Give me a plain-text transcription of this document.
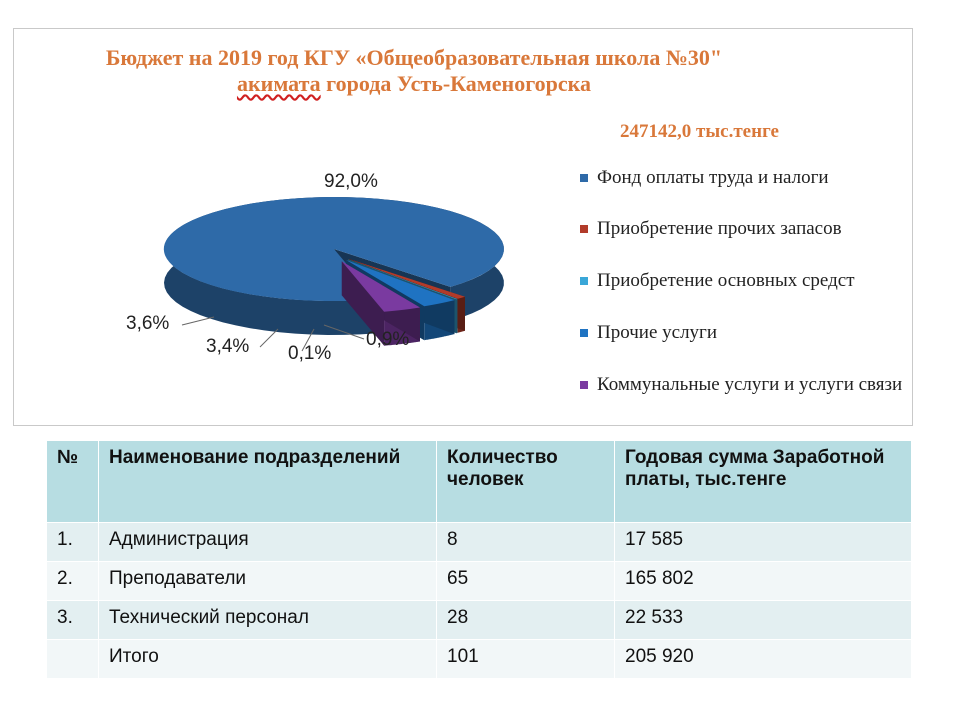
Бюджет на 2019 год КГУ «Общеобразовательная школа №30"
акимата города Усть-Каменогорска
247142,0 тыс.тенге
92,0%
0,9%
0,1%
3,4%
3,6%
Фонд оплаты труда и налоги
Приобретение прочих запасов
Приобретение основных средст
Прочие услуги
Коммунальные услуги и услуги связи
№	Наименование подразделений	Количество человек	Годовая сумма Заработной платы, тыс.тенге
1.	Администрация	8	17 585
2.	Преподаватели	65	165 802
3.	Технический персонал	28	22 533
	Итого	101	205 920
